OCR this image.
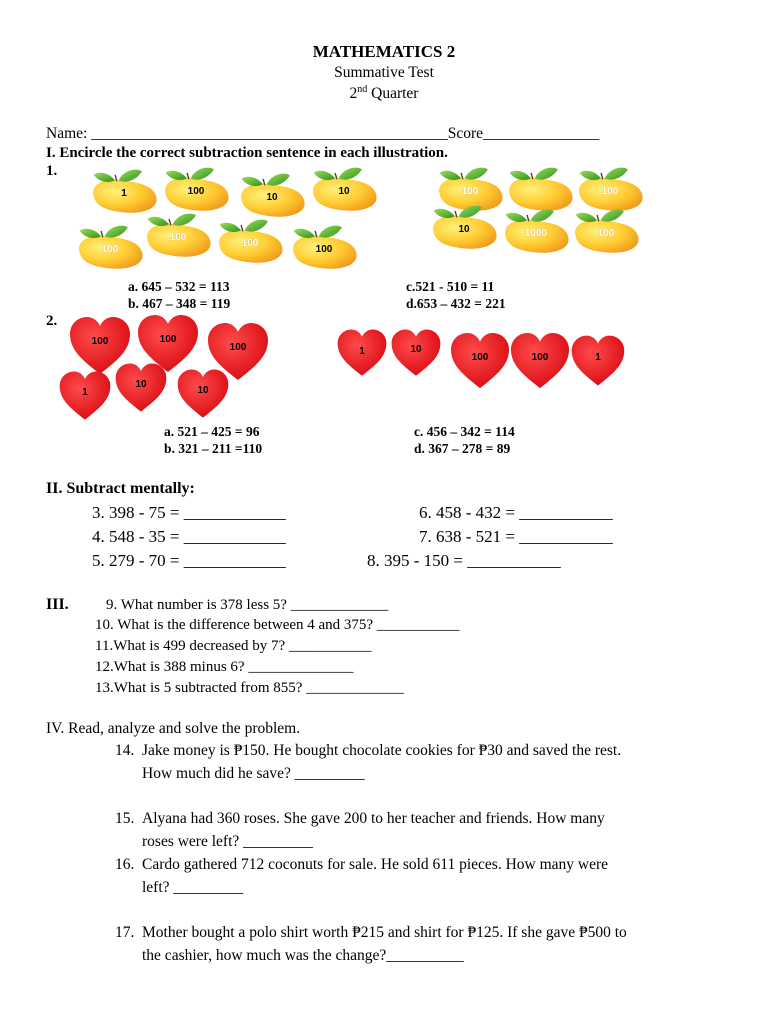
MATHEMATICS 2
Summative Test
2nd Quarter
Name: ______________________________________________Score_______________
I. Encircle the correct subtraction sentence in each illustration.
1.
1	100
10
10
100
100
100
100
100	100
10	1000	100
a. 645 – 532 = 113
b. 467 – 348 = 119
c.521 - 510 = 11
d.653 – 432 = 221
2.
100	100
100
1
10
10
1	10
100	100	1
a. 521 – 425 = 96
b. 321 – 211 =110
c. 456 – 342 = 114
d. 367 – 278 = 89
II. Subtract mentally:
3. 398 - 75 = ____________
4. 548 - 35 = ____________
5. 279 - 70 = ____________
6. 458 - 432 = ___________
7. 638 - 521 = ___________
8. 395 - 150 = ___________
III. 9. What number is 378 less 5? _____________
10. What is the difference between 4 and 375? ___________
11.What is 499 decreased by 7? ___________
12.What is 388 minus 6? ______________
13.What is 5 subtracted from 855? _____________
IV. Read, analyze and solve the problem.
14. Jake money is ₱150. He bought chocolate cookies for ₱30 and saved the rest.
How much did he save? _________
15. Alyana had 360 roses. She gave 200 to her teacher and friends. How many
roses were left? _________
16. Cardo gathered 712 coconuts for sale. He sold 611 pieces. How many were
left? _________
17. Mother bought a polo shirt worth ₱215 and shirt for ₱125. If she gave ₱500 to
the cashier, how much was the change?__________
